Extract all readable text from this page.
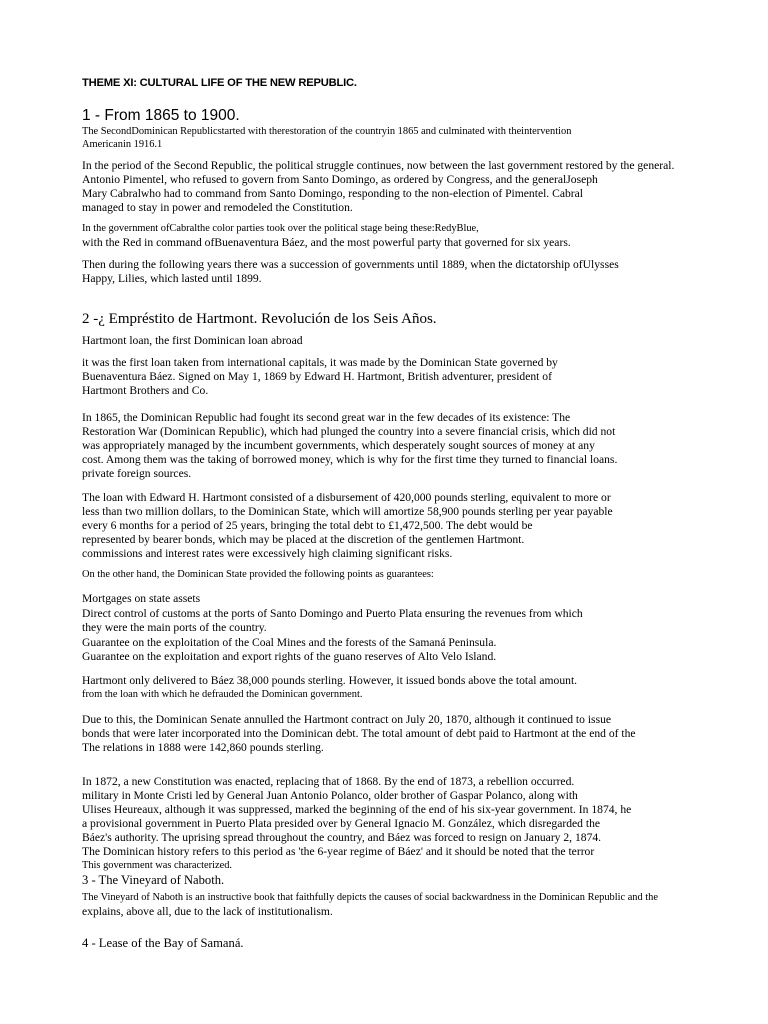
THEME XI: CULTURAL LIFE OF THE NEW REPUBLIC.
1 - From 1865 to 1900.
The SecondDominican Republicstarted with therestoration of the countryin 1865 and culminated with theintervention
Americanin 1916.1
In the period of the Second Republic, the political struggle continues, now between the last government restored by the general.
Antonio Pimentel, who refused to govern from Santo Domingo, as ordered by Congress, and the generalJoseph
Mary Cabralwho had to command from Santo Domingo, responding to the non-election of Pimentel. Cabral
managed to stay in power and remodeled the Constitution.
In the government ofCabralthe color parties took over the political stage being these:RedyBlue,
with the Red in command ofBuenaventura Báez, and the most powerful party that governed for six years.
Then during the following years there was a succession of governments until 1889, when the dictatorship ofUlysses
Happy, Lilies, which lasted until 1899.
2 -¿ Empréstito de Hartmont. Revolución de los Seis Años.
Hartmont loan, the first Dominican loan abroad
it was the first loan taken from international capitals, it was made by the Dominican State governed by
Buenaventura Báez. Signed on May 1, 1869 by Edward H. Hartmont, British adventurer, president of
Hartmont Brothers and Co.
In 1865, the Dominican Republic had fought its second great war in the few decades of its existence: The
Restoration War (Dominican Republic), which had plunged the country into a severe financial crisis, which did not
was appropriately managed by the incumbent governments, which desperately sought sources of money at any
cost. Among them was the taking of borrowed money, which is why for the first time they turned to financial loans.
private foreign sources.
The loan with Edward H. Hartmont consisted of a disbursement of 420,000 pounds sterling, equivalent to more or
less than two million dollars, to the Dominican State, which will amortize 58,900 pounds sterling per year payable
every 6 months for a period of 25 years, bringing the total debt to £1,472,500. The debt would be
represented by bearer bonds, which may be placed at the discretion of the gentlemen Hartmont.
commissions and interest rates were excessively high claiming significant risks.
On the other hand, the Dominican State provided the following points as guarantees:
Mortgages on state assets
Direct control of customs at the ports of Santo Domingo and Puerto Plata ensuring the revenues from which
they were the main ports of the country.
Guarantee on the exploitation of the Coal Mines and the forests of the Samaná Peninsula.
Guarantee on the exploitation and export rights of the guano reserves of Alto Velo Island.
Hartmont only delivered to Báez 38,000 pounds sterling. However, it issued bonds above the total amount.
from the loan with which he defrauded the Dominican government.
Due to this, the Dominican Senate annulled the Hartmont contract on July 20, 1870, although it continued to issue
bonds that were later incorporated into the Dominican debt. The total amount of debt paid to Hartmont at the end of the
The relations in 1888 were 142,860 pounds sterling.
In 1872, a new Constitution was enacted, replacing that of 1868. By the end of 1873, a rebellion occurred.
military in Monte Cristi led by General Juan Antonio Polanco, older brother of Gaspar Polanco, along with
Ulises Heureaux, although it was suppressed, marked the beginning of the end of his six-year government. In 1874, he
a provisional government in Puerto Plata presided over by General Ignacio M. González, which disregarded the
Báez's authority. The uprising spread throughout the country, and Báez was forced to resign on January 2, 1874.
The Dominican history refers to this period as 'the 6-year regime of Báez' and it should be noted that the terror
This government was characterized.
3 - The Vineyard of Naboth.
The Vineyard of Naboth is an instructive book that faithfully depicts the causes of social backwardness in the Dominican Republic and the
explains, above all, due to the lack of institutionalism.
4 - Lease of the Bay of Samaná.
